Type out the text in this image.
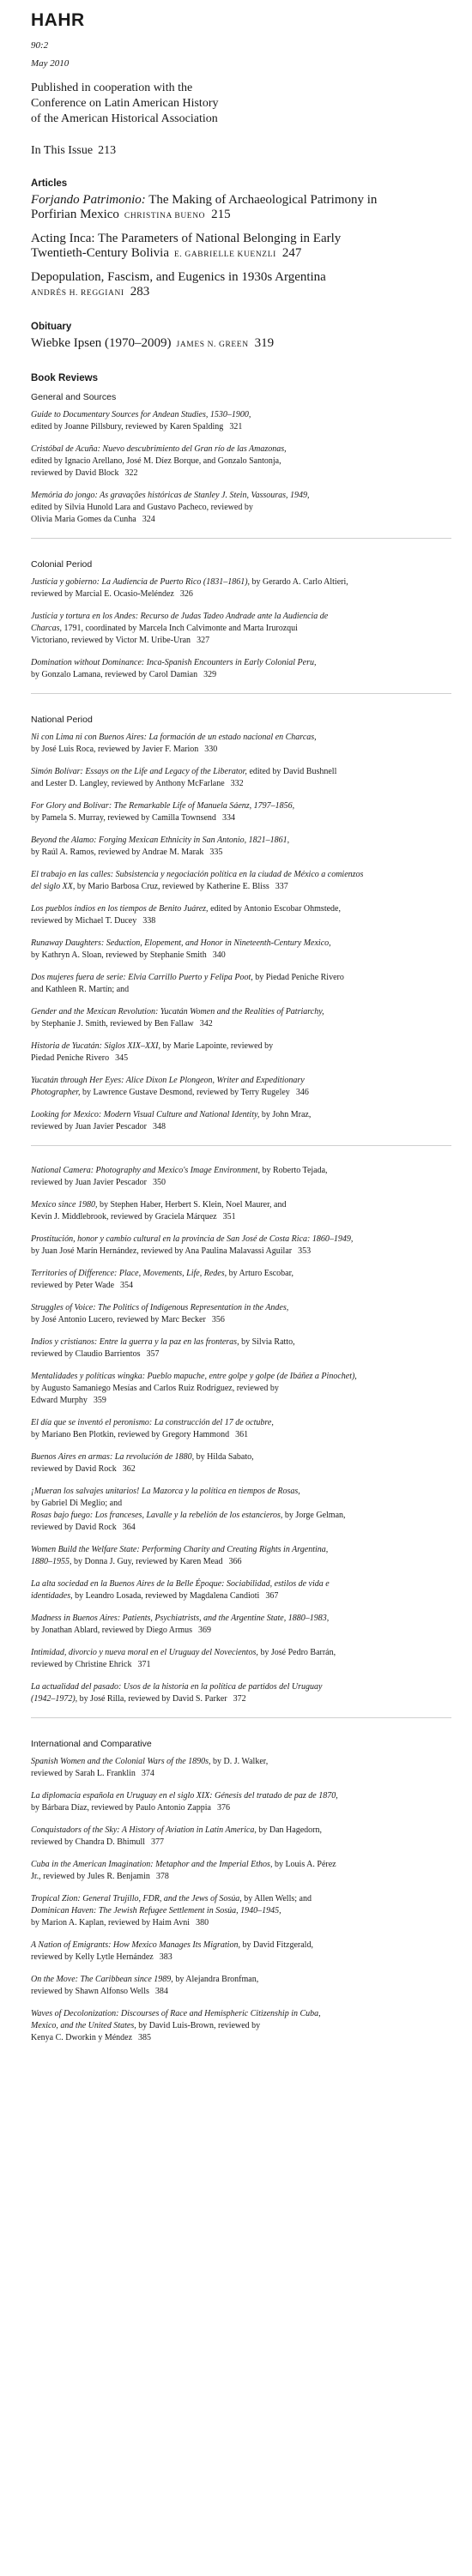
HAHR
90:2
May 2010
Published in cooperation with the
Conference on Latin American History
of the American Historical Association
In This Issue 213
Articles
Forjando Patrimonio: The Making of Archaeological Patrimony in
Porfirian Mexico CHRISTINA BUENO 215
Acting Inca: The Parameters of National Belonging in Early
Twentieth-Century Bolivia E. GABRIELLE KUENZLI 247
Depopulation, Fascism, and Eugenics in 1930s Argentina
ANDRÉS H. REGGIANI 283
Obituary
Wiebke Ipsen (1970–2009) JAMES N. GREEN 319
Book Reviews
General and Sources
Guide to Documentary Sources for Andean Studies, 1530–1900,
edited by Joanne Pillsbury, reviewed by Karen Spalding 321
Cristóbal de Acuña: Nuevo descubrimiento del Gran río de las Amazonas,
edited by Ignacio Arellano, José M. Díez Borque, and Gonzalo Santonja,
reviewed by David Block 322
Memória do jongo: As gravações históricas de Stanley J. Stein, Vassouras, 1949,
edited by Silvia Hunold Lara and Gustavo Pacheco, reviewed by
Olivia Maria Gomes da Cunha 324
Colonial Period
Justicia y gobierno: La Audiencia de Puerto Rico (1831–1861), by Gerardo A. Carlo Altieri,
reviewed by Marcial E. Ocasio-Meléndez 326
Justicia y tortura en los Andes: Recurso de Judas Tadeo Andrade ante la Audiencia de
Charcas, 1791, coordinated by Marcela Inch Calvimonte and Marta Irurozqui
Victoriano, reviewed by Victor M. Uribe-Uran 327
Domination without Dominance: Inca-Spanish Encounters in Early Colonial Peru,
by Gonzalo Lamana, reviewed by Carol Damian 329
National Period
Ni con Lima ni con Buenos Aires: La formación de un estado nacional en Charcas,
by José Luis Roca, reviewed by Javier F. Marion 330
Simón Bolívar: Essays on the Life and Legacy of the Liberator, edited by David Bushnell
and Lester D. Langley, reviewed by Anthony McFarlane 332
For Glory and Bolívar: The Remarkable Life of Manuela Sáenz, 1797–1856,
by Pamela S. Murray, reviewed by Camilla Townsend 334
Beyond the Alamo: Forging Mexican Ethnicity in San Antonio, 1821–1861,
by Raúl A. Ramos, reviewed by Andrae M. Marak 335
El trabajo en las calles: Subsistencia y negociación política en la ciudad de México a comienzos
del siglo XX, by Mario Barbosa Cruz, reviewed by Katherine E. Bliss 337
Los pueblos indios en los tiempos de Benito Juárez, edited by Antonio Escobar Ohmstede,
reviewed by Michael T. Ducey 338
Runaway Daughters: Seduction, Elopement, and Honor in Nineteenth-Century Mexico,
by Kathryn A. Sloan, reviewed by Stephanie Smith 340
Dos mujeres fuera de serie: Elvia Carrillo Puerto y Felipa Poot, by Piedad Peniche Rivero
and Kathleen R. Martín; and
Gender and the Mexican Revolution: Yucatán Women and the Realities of Patriarchy,
by Stephanie J. Smith, reviewed by Ben Fallaw 342
Historia de Yucatán: Siglos XIX–XXI, by Marie Lapointe, reviewed by
Piedad Peniche Rivero 345
Yucatán through Her Eyes: Alice Dixon Le Plongeon, Writer and Expeditionary
Photographer, by Lawrence Gustave Desmond, reviewed by Terry Rugeley 346
Looking for Mexico: Modern Visual Culture and National Identity, by John Mraz,
reviewed by Juan Javier Pescador 348
National Camera: Photography and Mexico's Image Environment, by Roberto Tejada,
reviewed by Juan Javier Pescador 350
Mexico since 1980, by Stephen Haber, Herbert S. Klein, Noel Maurer, and
Kevin J. Middlebrook, reviewed by Graciela Márquez 351
Prostitución, honor y cambio cultural en la provincia de San José de Costa Rica: 1860–1949,
by Juan José Marín Hernández, reviewed by Ana Paulina Malavassi Aguilar 353
Territories of Difference: Place, Movements, Life, Redes, by Arturo Escobar,
reviewed by Peter Wade 354
Struggles of Voice: The Politics of Indigenous Representation in the Andes,
by José Antonio Lucero, reviewed by Marc Becker 356
Indios y cristianos: Entre la guerra y la paz en las fronteras, by Silvia Ratto,
reviewed by Claudio Barrientos 357
Mentalidades y políticas wingka: Pueblo mapuche, entre golpe y golpe (de Ibáñez a Pinochet),
by Augusto Samaniego Mesías and Carlos Ruiz Rodríguez, reviewed by
Edward Murphy 359
El día que se inventó el peronismo: La construcción del 17 de octubre,
by Mariano Ben Plotkin, reviewed by Gregory Hammond 361
Buenos Aires en armas: La revolución de 1880, by Hilda Sabato,
reviewed by David Rock 362
¡Mueran los salvajes unitarios! La Mazorca y la política en tiempos de Rosas,
by Gabriel Di Meglio; and
Rosas bajo fuego: Los franceses, Lavalle y la rebelión de los estancieros, by Jorge Gelman,
reviewed by David Rock 364
Women Build the Welfare State: Performing Charity and Creating Rights in Argentina,
1880–1955, by Donna J. Guy, reviewed by Karen Mead 366
La alta sociedad en la Buenos Aires de la Belle Époque: Sociabilidad, estilos de vida e
identidades, by Leandro Losada, reviewed by Magdalena Candioti 367
Madness in Buenos Aires: Patients, Psychiatrists, and the Argentine State, 1880–1983,
by Jonathan Ablard, reviewed by Diego Armus 369
Intimidad, divorcio y nueva moral en el Uruguay del Novecientos, by José Pedro Barrán,
reviewed by Christine Ehrick 371
La actualidad del pasado: Usos de la historia en la política de partidos del Uruguay
(1942–1972), by José Rilla, reviewed by David S. Parker 372
International and Comparative
Spanish Women and the Colonial Wars of the 1890s, by D. J. Walker,
reviewed by Sarah L. Franklin 374
La diplomacia española en Uruguay en el siglo XIX: Génesis del tratado de paz de 1870,
by Bárbara Díaz, reviewed by Paulo Antonio Zappia 376
Conquistadors of the Sky: A History of Aviation in Latin America, by Dan Hagedorn,
reviewed by Chandra D. Bhimull 377
Cuba in the American Imagination: Metaphor and the Imperial Ethos, by Louis A. Pérez
Jr., reviewed by Jules R. Benjamin 378
Tropical Zion: General Trujillo, FDR, and the Jews of Sosúa, by Allen Wells; and
Dominican Haven: The Jewish Refugee Settlement in Sosúa, 1940–1945,
by Marion A. Kaplan, reviewed by Haim Avni 380
A Nation of Emigrants: How Mexico Manages Its Migration, by David Fitzgerald,
reviewed by Kelly Lytle Hernández 383
On the Move: The Caribbean since 1989, by Alejandra Bronfman,
reviewed by Shawn Alfonso Wells 384
Waves of Decolonization: Discourses of Race and Hemispheric Citizenship in Cuba,
Mexico, and the United States, by David Luis-Brown, reviewed by
Kenya C. Dworkin y Méndez 385
